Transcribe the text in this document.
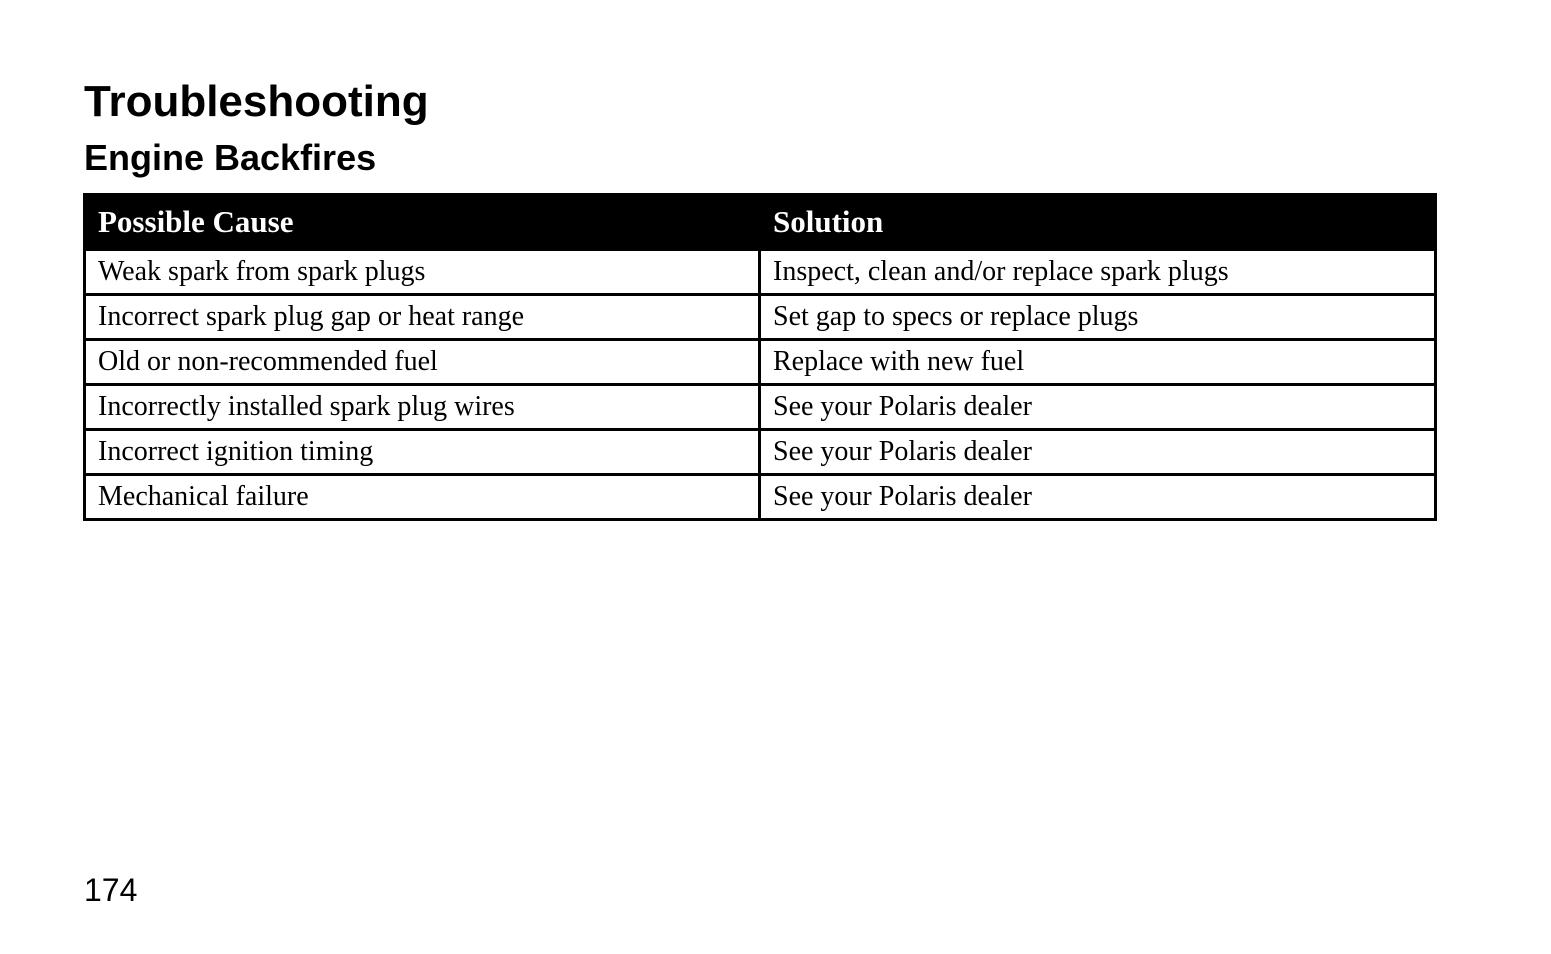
Troubleshooting
Engine Backfires
Possible Cause	Solution
Weak spark from spark plugs	Inspect, clean and/or replace spark plugs
Incorrect spark plug gap or heat range	Set gap to specs or replace plugs
Old or non-recommended fuel	Replace with new fuel
Incorrectly installed spark plug wires	See your Polaris dealer
Incorrect ignition timing	See your Polaris dealer
Mechanical failure	See your Polaris dealer
174
